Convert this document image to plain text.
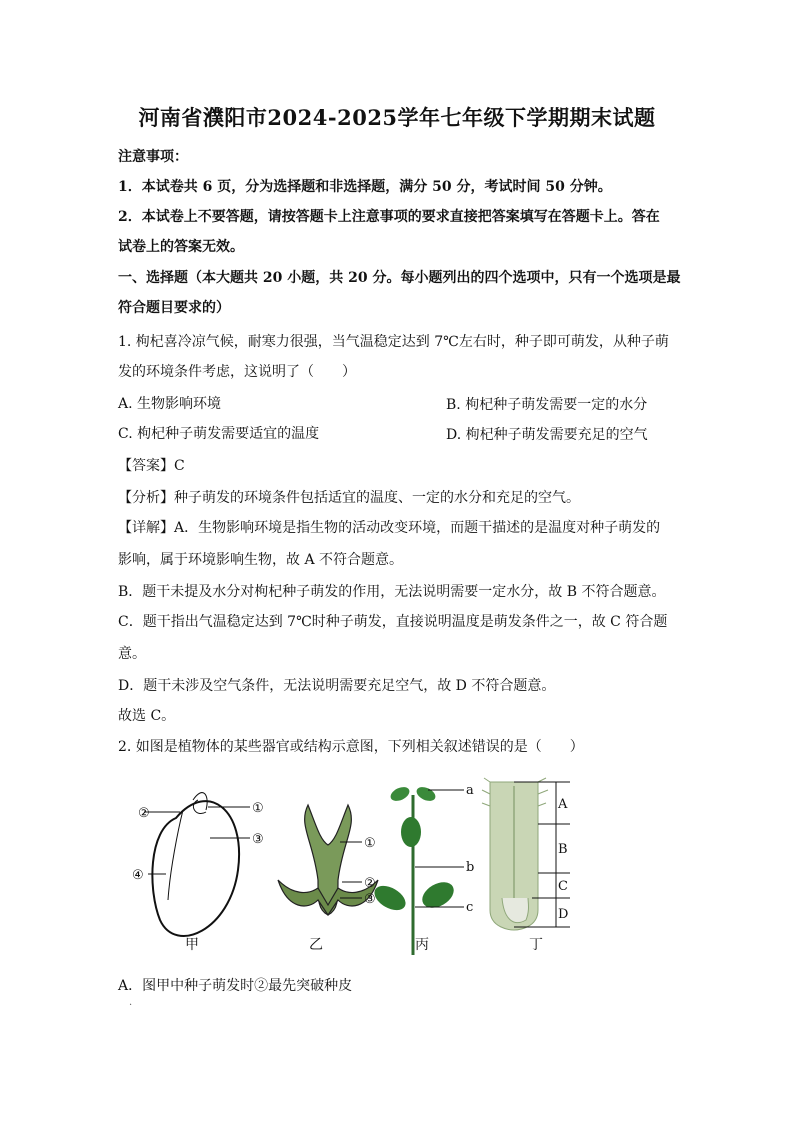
河南省濮阳市2024-2025学年七年级下学期期末试题
注意事项：
1．本试卷共 6 页，分为选择题和非选择题，满分 50 分，考试时间 50 分钟。
2．本试卷上不要答题，请按答题卡上注意事项的要求直接把答案填写在答题卡上。答在
试卷上的答案无效。
一、选择题（本大题共 20 小题，共 20 分。每小题列出的四个选项中，只有一个选项是最
符合题目要求的）
1. 枸杞喜冷凉气候，耐寒力很强，当气温稳定达到 7℃左右时，种子即可萌发，从种子萌
发的环境条件考虑，这说明了（　　）
A. 生物影响环境	B. 枸杞种子萌发需要一定的水分
C. 枸杞种子萌发需要适宜的温度	D. 枸杞种子萌发需要充足的空气
【答案】C
【分析】种子萌发的环境条件包括适宜的温度、一定的水分和充足的空气。
【详解】A．生物影响环境是指生物的活动改变环境，而题干描述的是温度对种子萌发的
影响，属于环境影响生物，故 A 不符合题意。
B．题干未提及水分对枸杞种子萌发的作用，无法说明需要一定水分，故 B 不符合题意。
C．题干指出气温稳定达到 7℃时种子萌发，直接说明温度是萌发条件之一，故 C 符合题
意。
D．题干未涉及空气条件，无法说明需要充足空气，故 D 不符合题意。
故选 C。
2. 如图是植物体的某些器官或结构示意图，下列相关叙述错误的是（　　）
②	①
③
④
①
②
③
a
b
c
A
B
C
D
甲	乙	丙	丁
A．图甲中种子萌发时②最先突破种皮
·
